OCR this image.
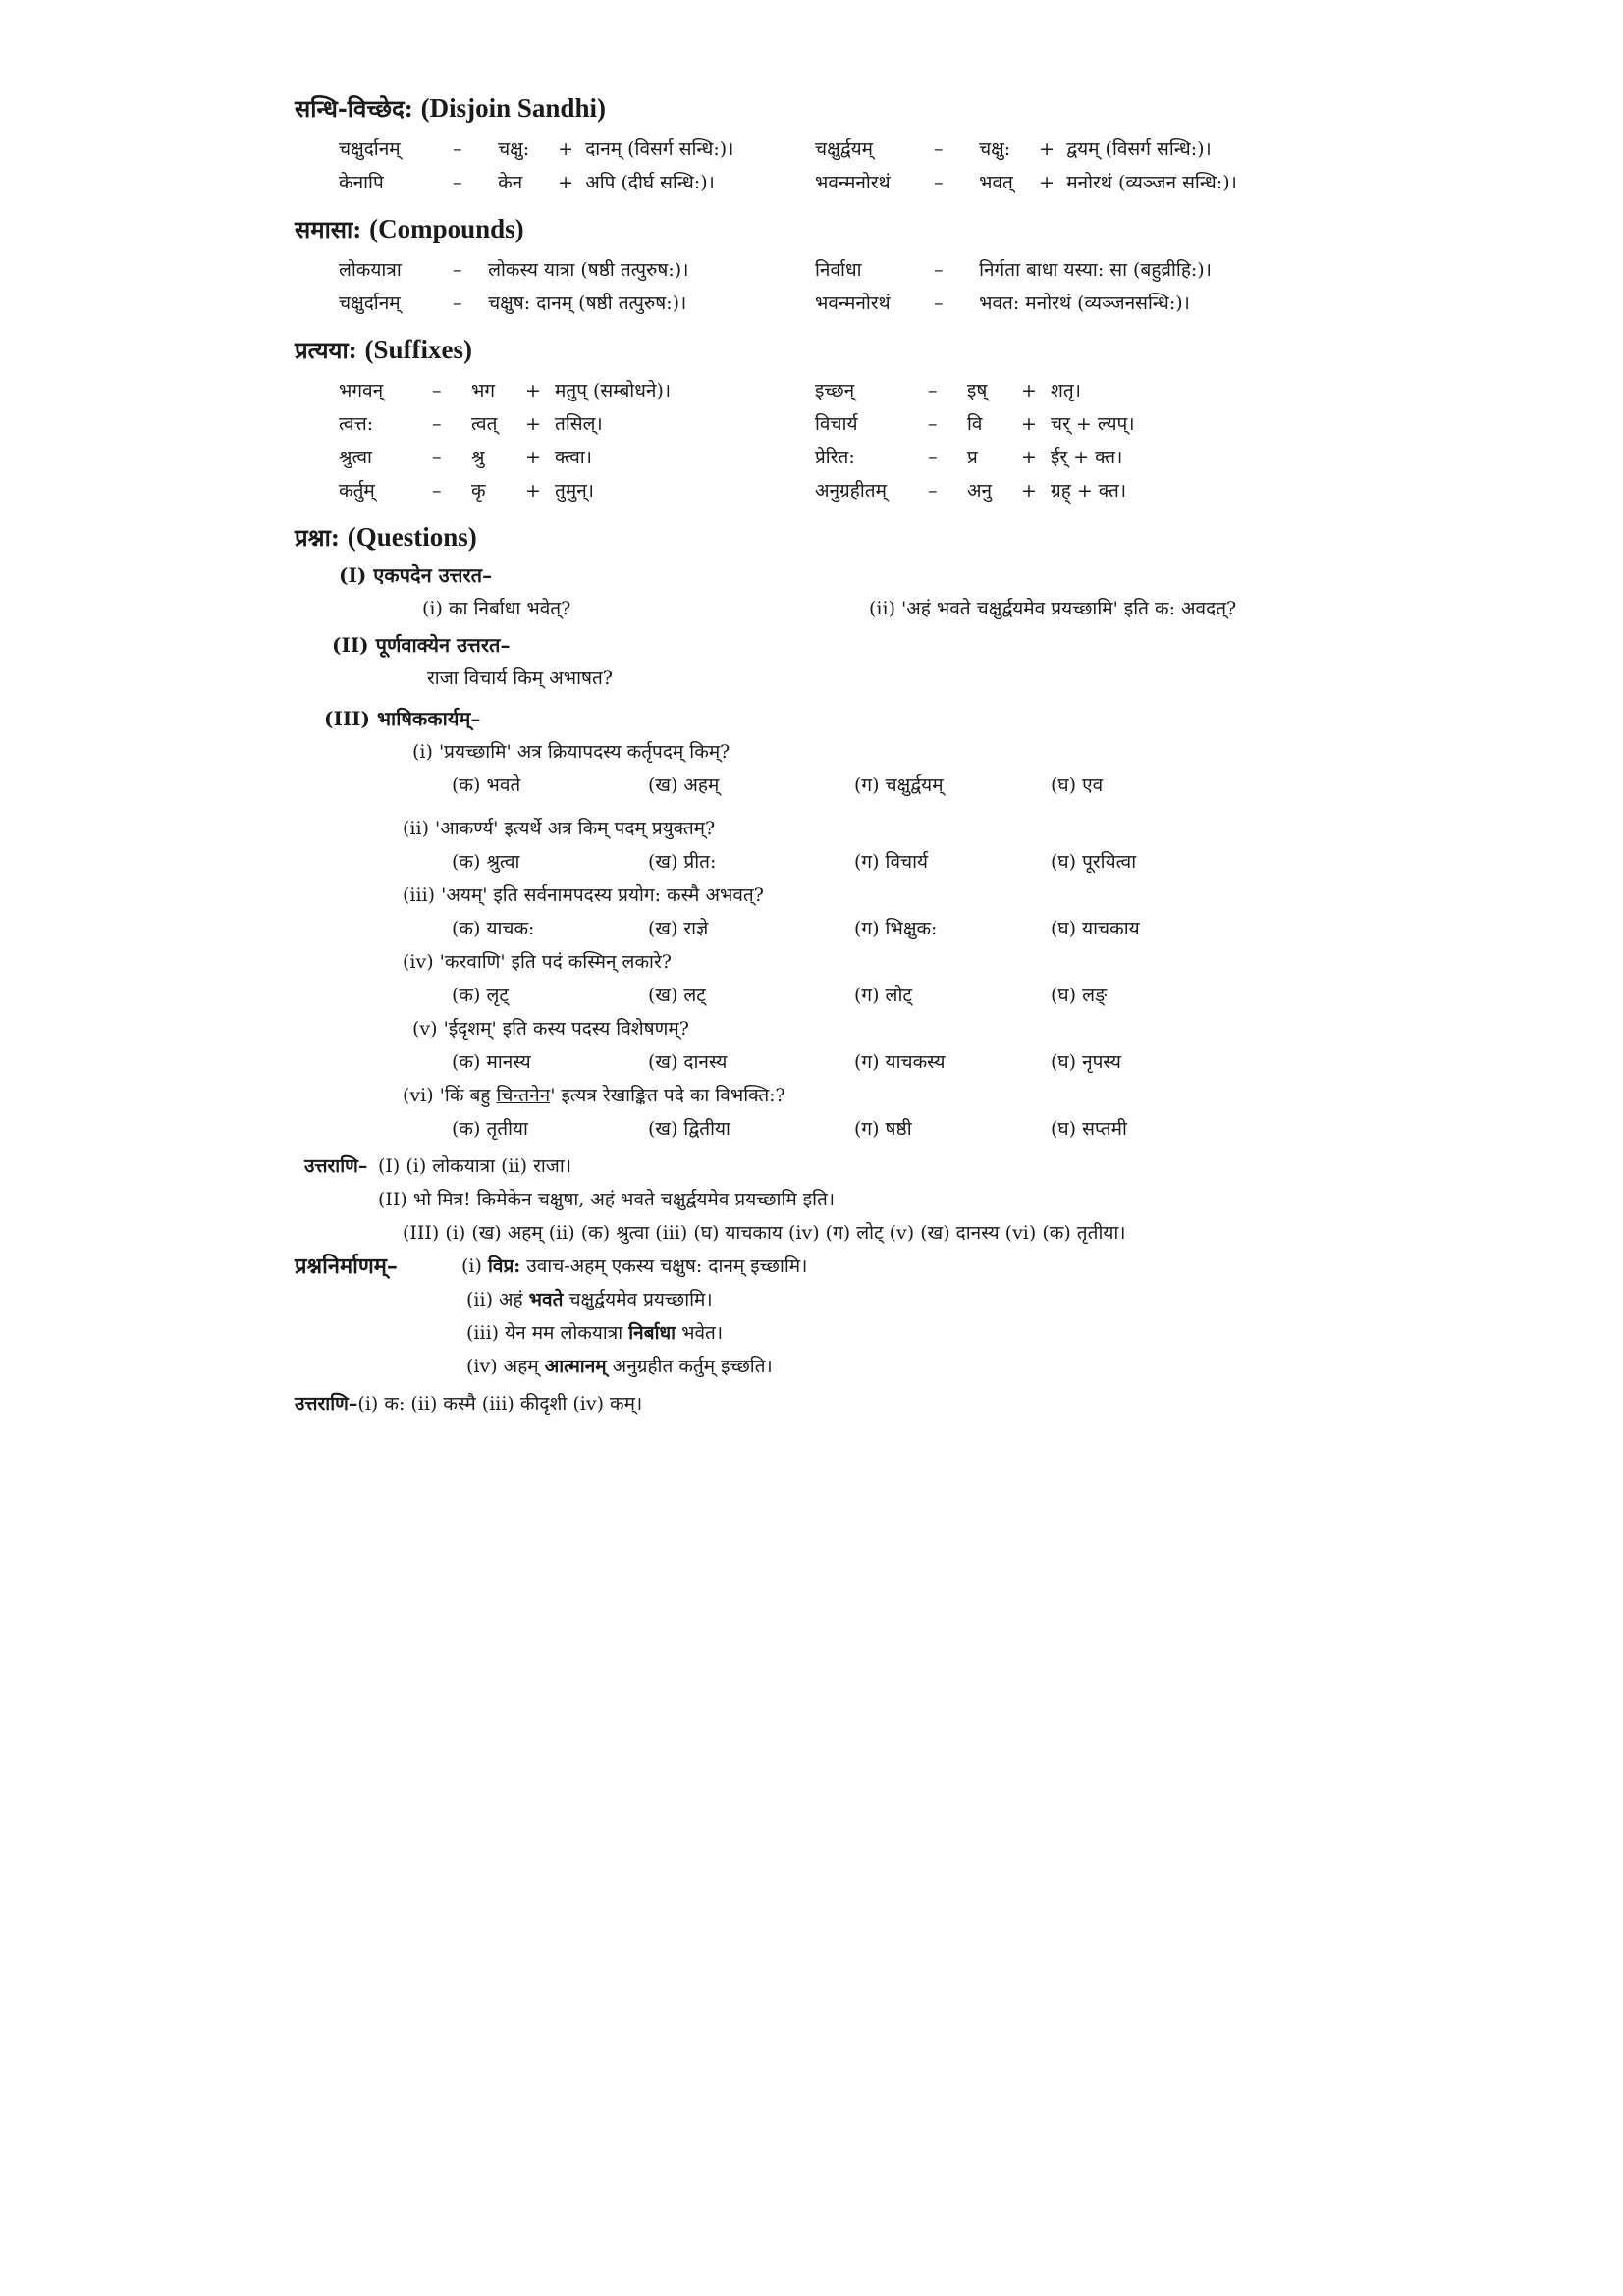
सन्धि-विच्छेद: (Disjoin Sandhi)
चक्षुर्दानम्	– चक्षु: + दानम् (विसर्ग सन्धि:)।	चक्षुर्द्वयम्	– चक्षु: + द्वयम् (विसर्ग सन्धि:)।
केनापि	– केन + अपि (दीर्घ सन्धि:)।	भवन्मनोरथं – भवत् + मनोरथं (व्यञ्जन सन्धि:)।
समासा: (Compounds)
लोकयात्रा	– लोकस्य यात्रा (षष्ठी तत्पुरुष:)।	निर्वाधा	– निर्गता बाधा यस्या: सा (बहुव्रीहि:)।
चक्षुर्दानम्	– चक्षुष: दानम् (षष्ठी तत्पुरुष:)।	भवन्मनोरथं – भवत: मनोरथं (व्यञ्जनसन्धि:)।
प्रत्यया: (Suffixes)
भगवन्	– भग + मतुप् (सम्बोधने)।	इच्छन्	– इष् + शतृ।
त्वत्त:	– त्वत् + तसिल्।	विचार्य	– वि + चर् + ल्यप्।
श्रुत्वा	– श्रु + क्त्वा।	प्रेरित:	– प्र + ईर् + क्त।
कर्तुम्	– कृ + तुमुन्।	अनुग्रहीतम् – अनु + ग्रह् + क्त।
प्रश्ना: (Questions)
(I) एकपदेन उत्तरत–
(i) का निर्बाधा भवेत्?	(ii) 'अहं भवते चक्षुर्द्वयमेव प्रयच्छामि' इति क: अवदत्?
(II) पूर्णवाक्येन उत्तरत–
राजा विचार्य किम् अभाषत?
(III) भाषिककार्यम्–
(i) 'प्रयच्छामि' अत्र क्रियापदस्य कर्तृपदम् किम्?
(क) भवते	(ख) अहम्	(ग) चक्षुर्द्वयम्	(घ) एव
(ii) 'आकर्ण्य' इत्यर्थे अत्र किम् पदम् प्रयुक्तम्?
(क) श्रुत्वा	(ख) प्रीत:	(ग) विचार्य	(घ) पूरयित्वा
(iii) 'अयम्' इति सर्वनामपदस्य प्रयोग: कस्मै अभवत्?
(क) याचक:	(ख) राज्ञे	(ग) भिक्षुक:	(घ) याचकाय
(iv) 'करवाणि' इति पदं कस्मिन् लकारे?
(क) लृट्	(ख) लट्	(ग) लोट्	(घ) लङ्
(v) 'ईदृशम्' इति कस्य पदस्य विशेषणम्?
(क) मानस्य	(ख) दानस्य	(ग) याचकस्य	(घ) नृपस्य
(vi) 'किं बहु चिन्तनेन' इत्यत्र रेखाङ्कित पदे का विभक्ति:?
(क) तृतीया	(ख) द्वितीया	(ग) षष्ठी	(घ) सप्तमी
उत्तराणि– (I) (i) लोकयात्रा (ii) राजा।
(II) भो मित्र! किमेकेन चक्षुषा, अहं भवते चक्षुर्द्वयमेव प्रयच्छामि इति।
(III) (i) (ख) अहम् (ii) (क) श्रुत्वा (iii) (घ) याचकाय (iv) (ग) लोट् (v) (ख) दानस्य (vi) (क) तृतीया।
प्रश्ननिर्माणम्–	(i) विप्र: उवाच-अहम् एकस्य चक्षुष: दानम् इच्छामि।
(ii) अहं भवते चक्षुर्द्वयमेव प्रयच्छामि।
(iii) येन मम लोकयात्रा निर्बाधा भवेत।
(iv) अहम् आत्मानम् अनुग्रहीत कर्तुम् इच्छति।
उत्तराणि–(i) क: (ii) कस्मै (iii) कीदृशी (iv) कम्।
